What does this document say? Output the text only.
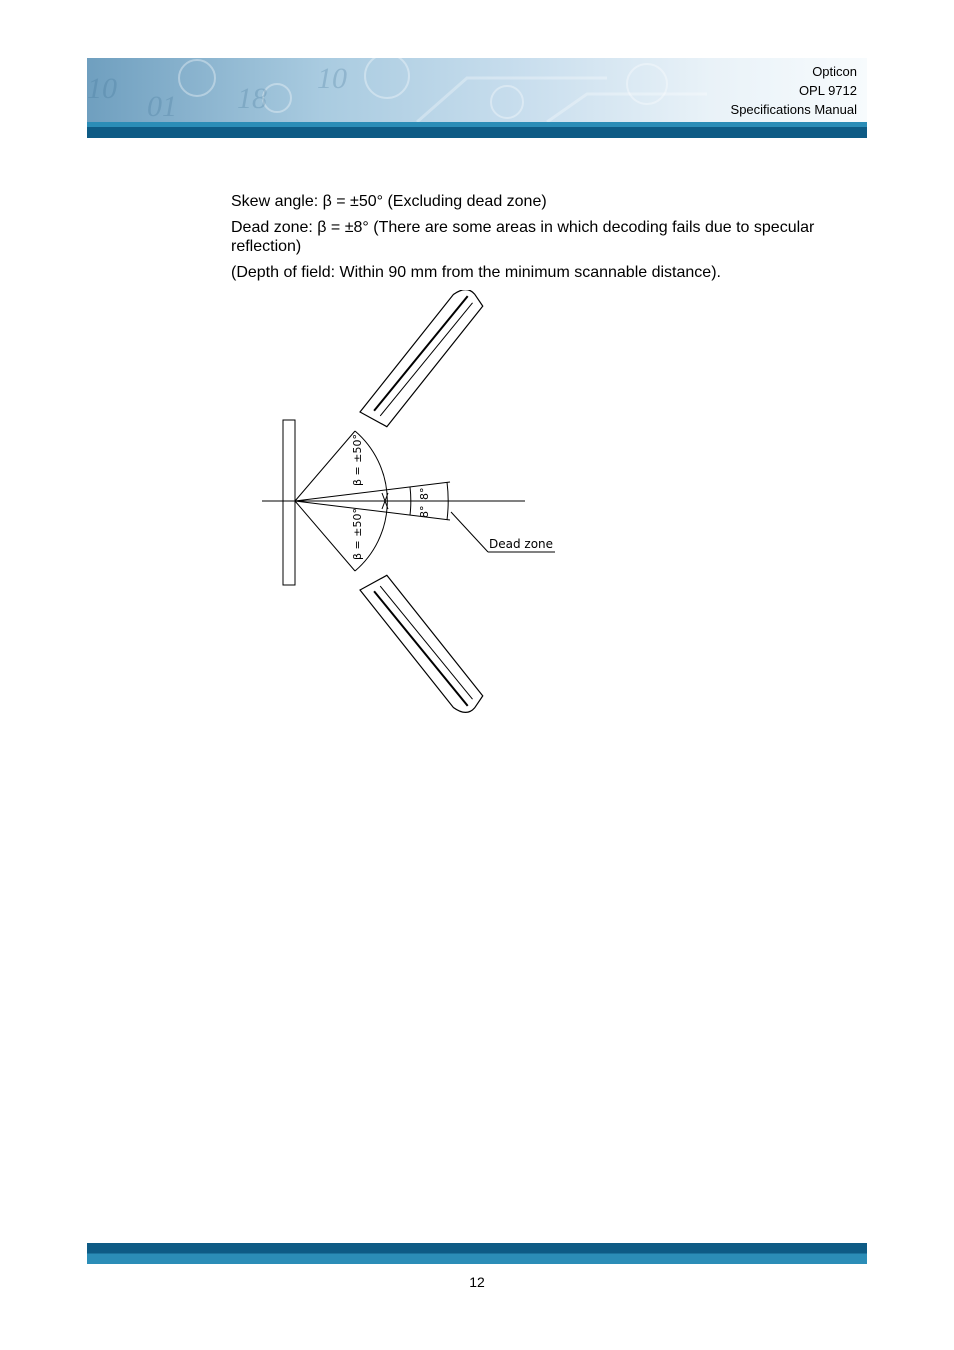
10
01 18
10	Opticon
OPL 9712
Specifications Manual

Skew angle: β = ±50° (Excluding dead zone)

Dead zone: β = ±8° (There are some areas in which decoding fails due to specular reflection)

(Depth of field: Within 90 mm from the minimum scannable distance).

β = ±50°
β = ±50°
8°
8°
Dead zone
12
